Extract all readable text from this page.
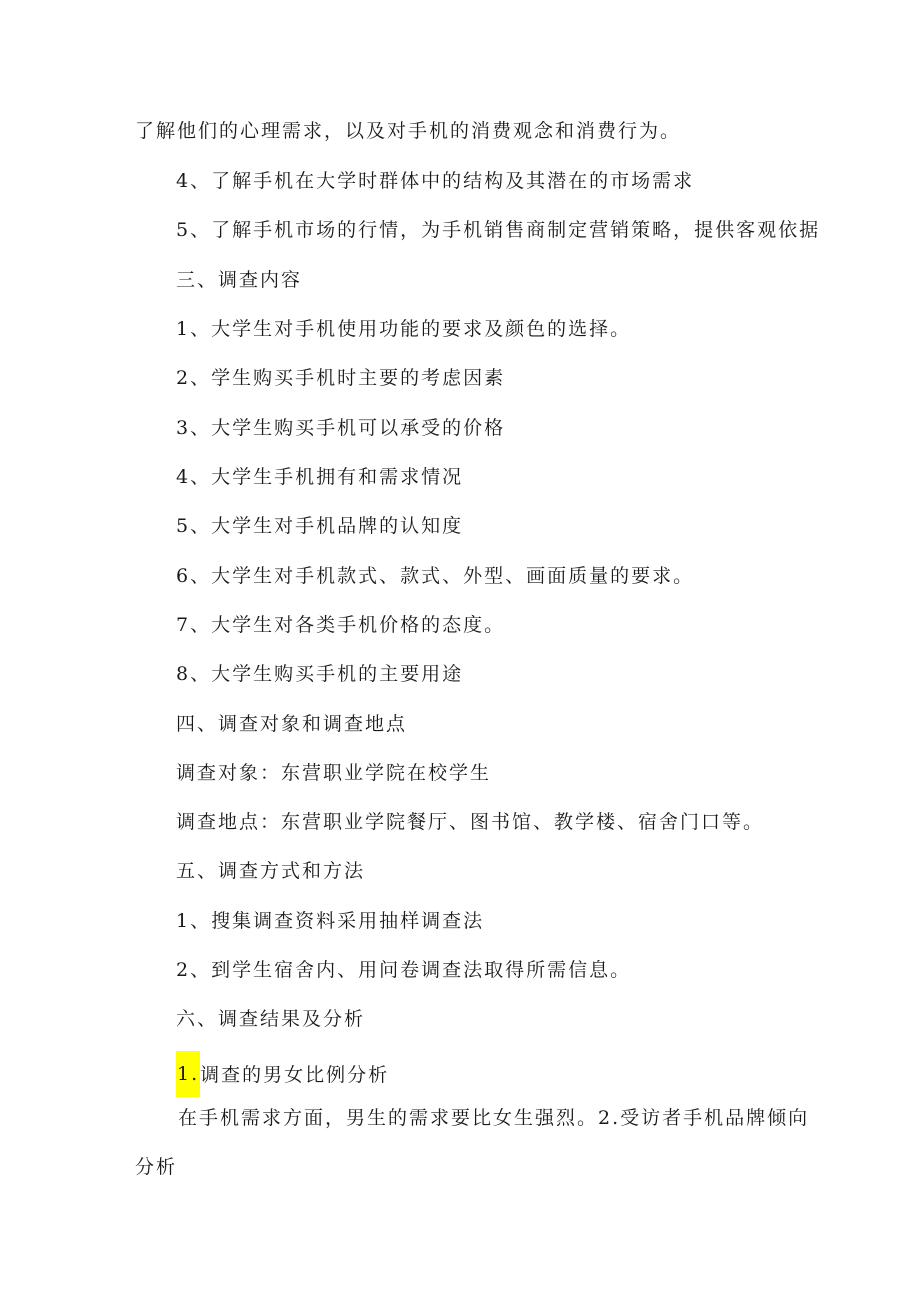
了解他们的心理需求，以及对手机的消费观念和消费行为。

4、了解手机在大学时群体中的结构及其潜在的市场需求

5、了解手机市场的行情，为手机销售商制定营销策略，提供客观依据

三、调查内容

1、大学生对手机使用功能的要求及颜色的选择。

2、学生购买手机时主要的考虑因素

3、大学生购买手机可以承受的价格

4、大学生手机拥有和需求情况

5、大学生对手机品牌的认知度

6、大学生对手机款式、款式、外型、画面质量的要求。

7、大学生对各类手机价格的态度。

8、大学生购买手机的主要用途

四、调查对象和调查地点

调查对象：东营职业学院在校学生

调查地点：东营职业学院餐厅、图书馆、教学楼、宿舍门口等。

五、调查方式和方法

1、搜集调查资料采用抽样调查法

2、到学生宿舍内、用问卷调查法取得所需信息。

六、调查结果及分析

1.调查的男女比例分析

在手机需求方面，男生的需求要比女生强烈。2.受访者手机品牌倾向

分析
